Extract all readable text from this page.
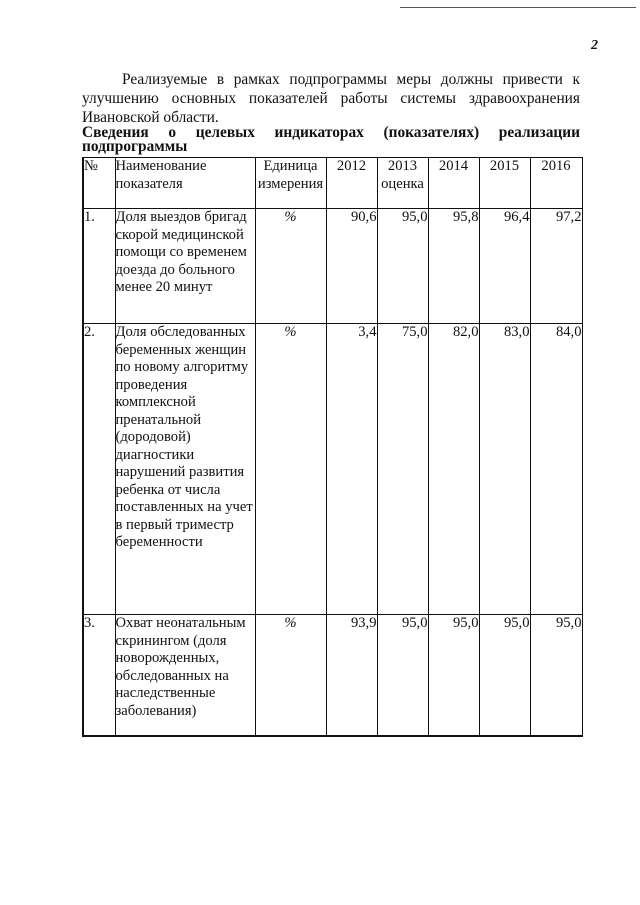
2

Реализуемые в рамках подпрограммы меры должны привести к улучшению основных показателей работы системы здравоохранения Ивановской области.

Сведения о целевых индикаторах (показателях) реализации

подпрограммы

№	Наименование показателя	Единица измерения	2012	2013 оценка	2014	2015	2016
1.	Доля выездов бригад скорой медицинской помощи со временем доезда до больного менее 20 минут	%	90,6	95,0	95,8	96,4	97,2
2.	Доля обследованных беременных женщин по новому алгоритму проведения комплексной пренатальной (дородовой) диагностики нарушений развития ребенка от числа поставленных на учет в первый триместр беременности	%	3,4	75,0	82,0	83,0	84,0
3.	Охват неонатальным скринингом (доля новорожденных, обследованных на наследственные заболевания)	%	93,9	95,0	95,0	95,0	95,0
